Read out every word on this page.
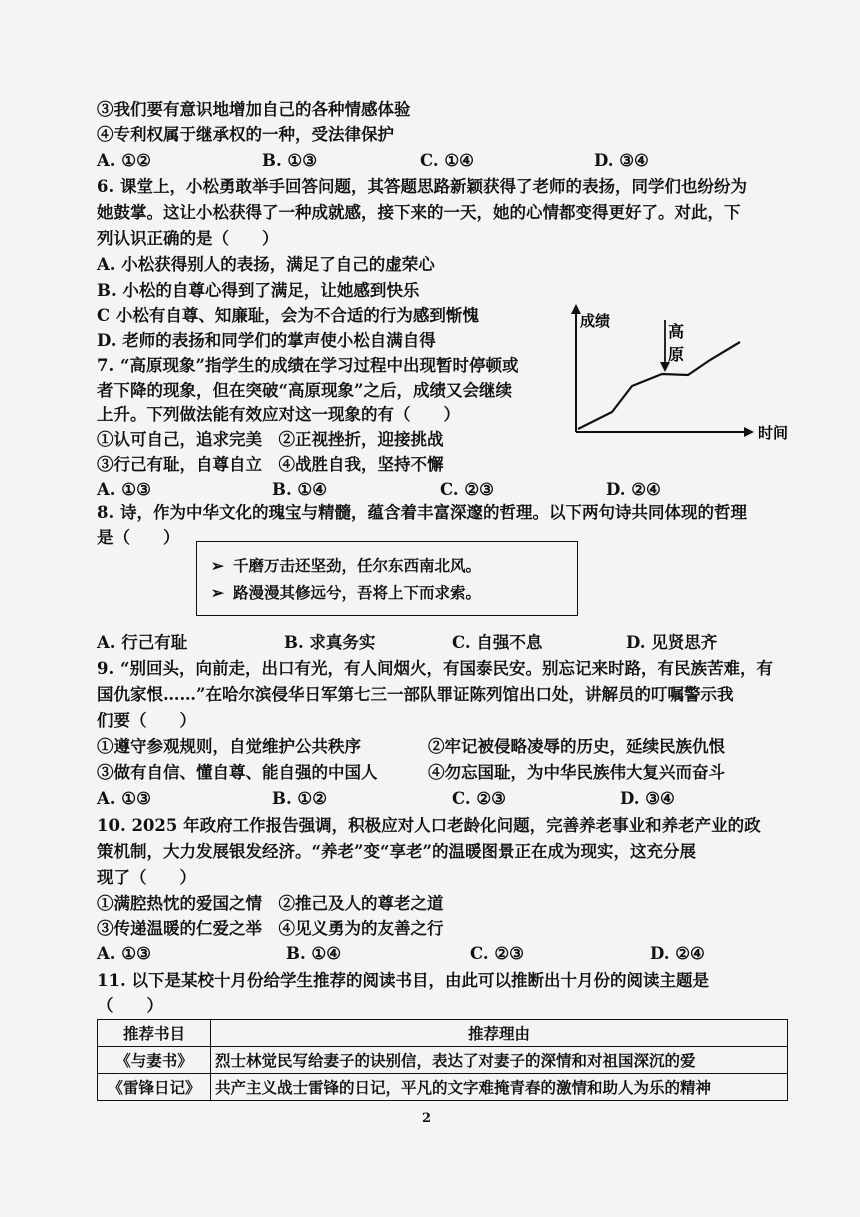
③我们要有意识地增加自己的各种情感体验
④专利权属于继承权的一种，受法律保护
A. ①②	B. ①③	C. ①④	D. ③④
6. 课堂上，小松勇敢举手回答问题，其答题思路新颖获得了老师的表扬，同学们也纷纷为
她鼓掌。这让小松获得了一种成就感，接下来的一天，她的心情都变得更好了。对此，下
列认识正确的是（　　）
A. 小松获得别人的表扬，满足了自己的虚荣心
B. 小松的自尊心得到了满足，让她感到快乐
C 小松有自尊、知廉耻，会为不合适的行为感到惭愧
D. 老师的表扬和同学们的掌声使小松自满自得
7. “高原现象”指学生的成绩在学习过程中出现暂时停顿或
者下降的现象，但在突破“高原现象”之后，成绩又会继续
上升。下列做法能有效应对这一现象的有（　　）
①认可自己，追求完美　②正视挫折，迎接挑战
③行己有耻，自尊自立　④战胜自我，坚持不懈
A. ①③	B. ①④	C. ②③	D. ②④
成绩
时间
高
原
8. 诗，作为中华文化的瑰宝与精髓，蕴含着丰富深邃的哲理。以下两句诗共同体现的哲理
是（　　）
➢ 千磨万击还坚劲，任尔东西南北风。
➢ 路漫漫其修远兮，吾将上下而求索。
A. 行己有耻	B. 求真务实	C. 自强不息	D. 见贤思齐
9. “别回头，向前走，出口有光，有人间烟火，有国泰民安。别忘记来时路，有民族苦难，有
国仇家恨……”在哈尔滨侵华日军第七三一部队罪证陈列馆出口处，讲解员的叮嘱警示我
们要（　　）
①遵守参观规则，自觉维护公共秩序	②牢记被侵略凌辱的历史，延续民族仇恨
③做有自信、懂自尊、能自强的中国人	④勿忘国耻，为中华民族伟大复兴而奋斗
A. ①③	B. ①②	C. ②③	D. ③④
10. 2025 年政府工作报告强调，积极应对人口老龄化问题，完善养老事业和养老产业的政
策机制，大力发展银发经济。“养老”变“享老”的温暖图景正在成为现实，这充分展
现了（　　）
①满腔热忱的爱国之情　②推己及人的尊老之道
③传递温暖的仁爱之举　④见义勇为的友善之行
A. ①③	B. ①④	C. ②③	D. ②④
11. 以下是某校十月份给学生推荐的阅读书目，由此可以推断出十月份的阅读主题是
（　　）
推荐书目	推荐理由
《与妻书》	烈士林觉民写给妻子的诀别信，表达了对妻子的深情和对祖国深沉的爱
《雷锋日记》	共产主义战士雷锋的日记，平凡的文字难掩青春的激情和助人为乐的精神
2
